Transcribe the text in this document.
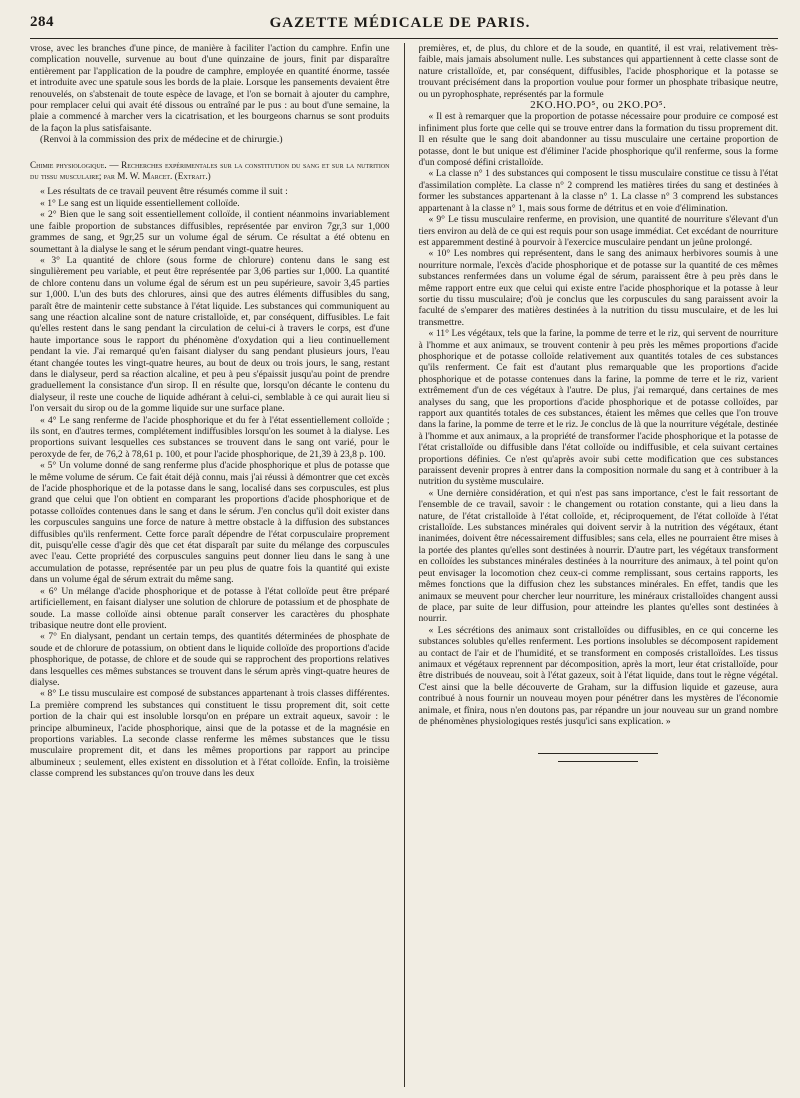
284	GAZETTE MÉDICALE DE PARIS.

vrose, avec les branches d'une pince, de manière à faciliter l'action du camphre. Enfin une complication nouvelle, survenue au bout d'une quinzaine de jours, finit par disparaître entièrement par l'application de la poudre de camphre, employée en quantité énorme, tassée et introduite avec une spatule sous les bords de la plaie. Lorsque les pansements devaient être renouvelés, on s'abstenait de toute espèce de lavage, et l'on se bornait à ajouter du camphre, pour remplacer celui qui avait été dissous ou entraîné par le pus : au bout d'une semaine, la plaie a commencé à marcher vers la cicatrisation, et les bourgeons charnus se sont produits de la façon la plus satisfaisante.

(Renvoi à la commission des prix de médecine et de chirurgie.)

Chimie physiologique. — Recherches expérimentales sur la constitution du sang et sur la nutrition du tissu musculaire; par M. W. Marcet. (Extrait.)

« Les résultats de ce travail peuvent être résumés comme il suit :

« 1° Le sang est un liquide essentiellement colloïde.

« 2° Bien que le sang soit essentiellement colloïde, il contient néanmoins invariablement une faible proportion de substances diffusibles, représentée par environ 7gr,3 sur 1,000 grammes de sang, et 9gr,25 sur un volume égal de sérum. Ce résultat a été obtenu en soumettant à la dialyse le sang et le sérum pendant vingt-quatre heures.

« 3° La quantité de chlore (sous forme de chlorure) contenu dans le sang est singulièrement peu variable, et peut être représentée par 3,06 parties sur 1,000. La quantité de chlore contenu dans un volume égal de sérum est un peu supérieure, savoir 3,45 parties sur 1,000. L'un des buts des chlorures, ainsi que des autres éléments diffusibles du sang, paraît être de maintenir cette substance à l'état liquide. Les substances qui communiquent au sang une réaction alcaline sont de nature cristalloïde, et, par conséquent, diffusibles. Le fait qu'elles restent dans le sang pendant la circulation de celui-ci à travers le corps, est d'une haute importance sous le rapport du phénomène d'oxydation qui a lieu continuellement pendant la vie. J'ai remarqué qu'en faisant dialyser du sang pendant plusieurs jours, l'eau étant changée toutes les vingt-quatre heures, au bout de deux ou trois jours, le sang, restant dans le dialyseur, perd sa réaction alcaline, et peu à peu s'épaissit jusqu'au point de prendre graduellement la consistance d'un sirop. Il en résulte que, lorsqu'on décante le contenu du dialyseur, il reste une couche de liquide adhérant à celui-ci, semblable à ce qui aurait lieu si l'on versait du sirop ou de la gomme liquide sur une surface plane.

« 4° Le sang renferme de l'acide phosphorique et du fer à l'état essentiellement colloïde ; ils sont, en d'autres termes, complétement indiffusibles lorsqu'on les soumet à la dialyse. Les proportions suivant lesquelles ces substances se trouvent dans le sang ont varié, pour le peroxyde de fer, de 76,2 à 78,61 p. 100, et pour l'acide phosphorique, de 21,39 à 23,8 p. 100.

« 5° Un volume donné de sang renferme plus d'acide phosphorique et plus de potasse que le même volume de sérum. Ce fait était déjà connu, mais j'ai réussi à démontrer que cet excès de l'acide phosphorique et de la potasse dans le sang, localisé dans ses corpuscules, est plus grand que celui que l'on obtient en comparant les proportions d'acide phosphorique et de potasse colloïdes contenues dans le sang et dans le sérum. J'en conclus qu'il doit exister dans les corpuscules sanguins une force de nature à mettre obstacle à la diffusion des substances diffusibles qu'ils renferment. Cette force paraît dépendre de l'état corpusculaire proprement dit, puisqu'elle cesse d'agir dès que cet état disparaît par suite du mélange des corpuscules avec l'eau. Cette propriété des corpuscules sanguins peut donner lieu dans le sang à une accumulation de potasse, représentée par un peu plus de quatre fois la quantité qui existe dans un volume égal de sérum extrait du même sang.

« 6° Un mélange d'acide phosphorique et de potasse à l'état colloïde peut être préparé artificiellement, en faisant dialyser une solution de chlorure de potassium et de phosphate de soude. La masse colloïde ainsi obtenue paraît conserver les caractères du phosphate tribasique neutre dont elle provient.

« 7° En dialysant, pendant un certain temps, des quantités déterminées de phosphate de soude et de chlorure de potassium, on obtient dans le liquide colloïde des proportions d'acide phosphorique, de potasse, de chlore et de soude qui se rapprochent des proportions relatives dans lesquelles ces mêmes substances se trouvent dans le sérum après vingt-quatre heures de dialyse.

« 8° Le tissu musculaire est composé de substances appartenant à trois classes différentes. La première comprend les substances qui constituent le tissu proprement dit, soit cette portion de la chair qui est insoluble lorsqu'on en prépare un extrait aqueux, savoir : le principe albumineux, l'acide phosphorique, ainsi que de la potasse et de la magnésie en proportions variables. La seconde classe renferme les mêmes substances que le tissu musculaire proprement dit, et dans les mêmes proportions par rapport au principe albumineux ; seulement, elles existent en dissolution et à l'état colloïde. Enfin, la troisième classe comprend les substances qu'on trouve dans les deux

premières, et, de plus, du chlore et de la soude, en quantité, il est vrai, relativement très-faible, mais jamais absolument nulle. Les substances qui appartiennent à cette classe sont de nature cristalloïde, et, par conséquent, diffusibles, l'acide phosphorique et la potasse se trouvant précisément dans la proportion voulue pour former un phosphate tribasique neutre, ou un pyrophosphate, représentés par la formule

2KO.HO.PO⁵, ou 2KO.PO⁵.

« Il est à remarquer que la proportion de potasse nécessaire pour produire ce composé est infiniment plus forte que celle qui se trouve entrer dans la formation du tissu proprement dit. Il en résulte que le sang doit abandonner au tissu musculaire une certaine proportion de potasse, dont le but unique est d'éliminer l'acide phosphorique qu'il renferme, sous la forme d'un composé défini cristalloïde.

« La classe n° 1 des substances qui composent le tissu musculaire constitue ce tissu à l'état d'assimilation complète. La classe n° 2 comprend les matières tirées du sang et destinées à former les substances appartenant à la classe n° 1. La classe n° 3 comprend les substances appartenant à la classe n° 1, mais sous forme de détritus et en voie d'élimination.

« 9° Le tissu musculaire renferme, en provision, une quantité de nourriture s'élevant d'un tiers environ au delà de ce qui est requis pour son usage immédiat. Cet excédant de nourriture est apparemment destiné à pourvoir à l'exercice musculaire pendant un jeûne prolongé.

« 10° Les nombres qui représentent, dans le sang des animaux herbivores soumis à une nourriture normale, l'excès d'acide phosphorique et de potasse sur la quantité de ces mêmes substances renfermées dans un volume égal de sérum, paraissent être à peu près dans le même rapport entre eux que celui qui existe entre l'acide phosphorique et la potasse à leur sortie du tissu musculaire; d'où je conclus que les corpuscules du sang paraissent avoir la faculté de s'emparer des matières destinées à la nutrition du tissu musculaire, et de les lui transmettre.

« 11° Les végétaux, tels que la farine, la pomme de terre et le riz, qui servent de nourriture à l'homme et aux animaux, se trouvent contenir à peu près les mêmes proportions d'acide phosphorique et de potasse colloïde relativement aux quantités totales de ces substances qu'ils renferment. Ce fait est d'autant plus remarquable que les proportions d'acide phosphorique et de potasse contenues dans la farine, la pomme de terre et le riz, varient extrêmement d'un de ces végétaux à l'autre. De plus, j'ai remarqué, dans certaines de mes analyses du sang, que les proportions d'acide phosphorique et de potasse colloïdes, par rapport aux quantités totales de ces substances, étaient les mêmes que celles que l'on trouve dans la farine, la pomme de terre et le riz. Je conclus de là que la nourriture végétale, destinée à l'homme et aux animaux, a la propriété de transformer l'acide phosphorique et la potasse de l'état cristalloïde ou diffusible dans l'état colloïde ou indiffusible, et cela suivant certaines proportions définies. Ce n'est qu'après avoir subi cette modification que ces substances paraissent devenir propres à entrer dans la composition normale du sang et à contribuer à la nutrition du système musculaire.

« Une dernière considération, et qui n'est pas sans importance, c'est le fait ressortant de l'ensemble de ce travail, savoir : le changement ou rotation constante, qui a lieu dans la nature, de l'état cristalloïde à l'état colloïde, et, réciproquement, de l'état colloïde à l'état cristalloïde. Les substances minérales qui doivent servir à la nutrition des végétaux, étant inanimées, doivent être nécessairement diffusibles; sans cela, elles ne pourraient être mises à la portée des plantes qu'elles sont destinées à nourrir. D'autre part, les végétaux transforment en colloïdes les substances minérales destinées à la nourriture des animaux, à tel point qu'on peut envisager la locomotion chez ceux-ci comme remplissant, sous certains rapports, les mêmes fonctions que la diffusion chez les substances minérales. En effet, tandis que les animaux se meuvent pour chercher leur nourriture, les minéraux cristalloïdes changent aussi de place, par suite de leur diffusion, pour atteindre les plantes qu'elles sont destinées à nourrir.

« Les sécrétions des animaux sont cristalloïdes ou diffusibles, en ce qui concerne les substances solubles qu'elles renferment. Les portions insolubles se décomposent rapidement au contact de l'air et de l'humidité, et se transforment en composés cristalloïdes. Les tissus animaux et végétaux reprennent par décomposition, après la mort, leur état cristalloïde, pour être distribués de nouveau, soit à l'état gazeux, soit à l'état liquide, dans tout le règne végétal. C'est ainsi que la belle découverte de Graham, sur la diffusion liquide et gazeuse, aura contribué à nous fournir un nouveau moyen pour pénétrer dans les mystères de l'économie animale, et fînira, nous n'en doutons pas, par répandre un jour nouveau sur un grand nombre de phénomènes physiologiques restés jusqu'ici sans explication. »
